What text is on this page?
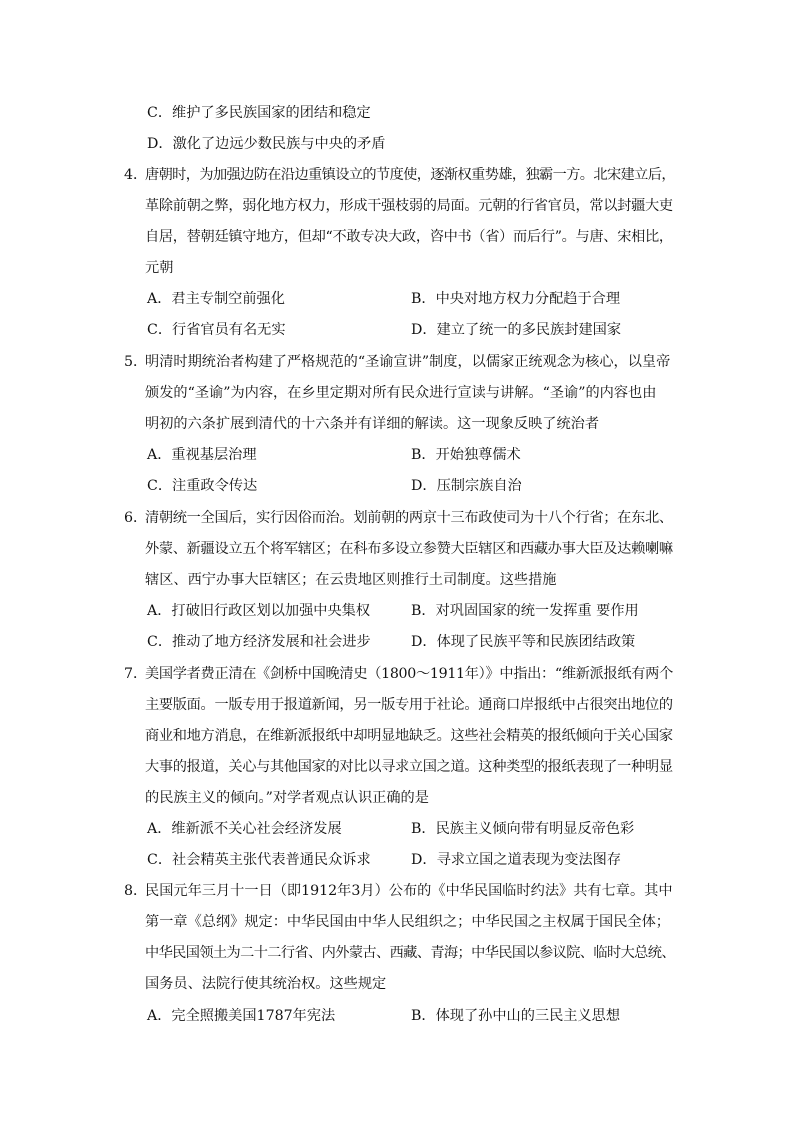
C．维护了多民族国家的团结和稳定
D．激化了边远少数民族与中央的矛盾
4．
唐朝时，为加强边防在沿边重镇设立的节度使，逐渐权重势雄，独霸一方。北宋建立后，
革除前朝之弊，弱化地方权力，形成干强枝弱的局面。元朝的行省官员，常以封疆大吏
自居，替朝廷镇守地方，但却“不敢专决大政，咨中书（省）而后行”。与唐、宋相比，
元朝
A．君主专制空前强化	B．中央对地方权力分配趋于合理
C．行省官员有名无实	D．建立了统一的多民族封建国家
5．
明清时期统治者构建了严格规范的“圣谕宣讲”制度，以儒家正统观念为核心，以皇帝
颁发的“圣谕”为内容，在乡里定期对所有民众进行宣读与讲解。“圣谕”的内容也由
明初的六条扩展到清代的十六条并有详细的解读。这一现象反映了统治者
A．重视基层治理	B．开始独尊儒术
C．注重政令传达	D．压制宗族自治
6．
清朝统一全国后，实行因俗而治。划前朝的两京十三布政使司为十八个行省；在东北、
外蒙、新疆设立五个将军辖区；在科布多设立参赞大臣辖区和西藏办事大臣及达赖喇嘛
辖区、西宁办事大臣辖区；在云贵地区则推行土司制度。这些措施
A．打破旧行政区划以加强中央集权	B．对巩固国家的统一发挥重 要作用
C．推动了地方经济发展和社会进步	D．体现了民族平等和民族团结政策
7．
美国学者费正清在《剑桥中国晚清史（1800～1911年）》中指出：“维新派报纸有两个
主要版面。一版专用于报道新闻，另一版专用于社论。通商口岸报纸中占很突出地位的
商业和地方消息，在维新派报纸中却明显地缺乏。这些社会精英的报纸倾向于关心国家
大事的报道，关心与其他国家的对比以寻求立国之道。这种类型的报纸表现了一种明显
的民族主义的倾向。”对学者观点认识正确的是
A．维新派不关心社会经济发展	B．民族主义倾向带有明显反帝色彩
C．社会精英主张代表普通民众诉求	D．寻求立国之道表现为变法图存
8．
民国元年三月十一日（即1912年3月）公布的《中华民国临时约法》共有七章。其中
第一章《总纲》规定：中华民国由中华人民组织之；中华民国之主权属于国民全体；
中华民国领土为二十二行省、内外蒙古、西藏、青海；中华民国以参议院、临时大总统、
国务员、法院行使其统治权。这些规定
A．完全照搬美国1787年宪法	B．体现了孙中山的三民主义思想
